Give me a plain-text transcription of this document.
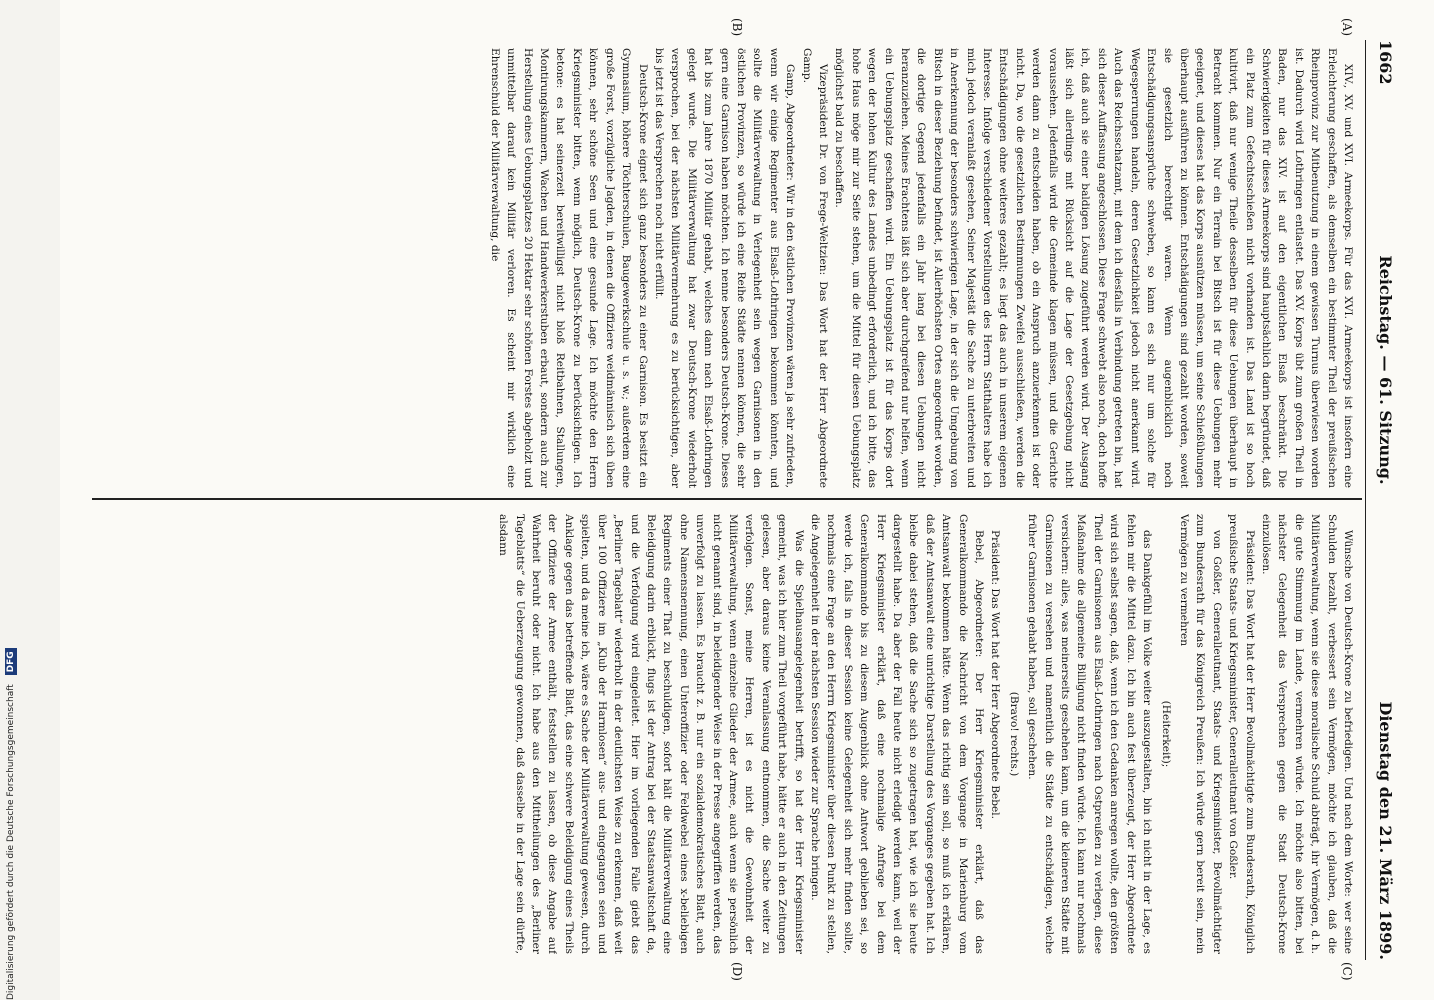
1662
Reichstag. — 61. Sitzung.
Dienstag den 21. März 1899.
(A)
(B)
(C)
(D)

XIV., XV. und XVI. Armeekorps. Für das XVI. Armeekorps ist insofern eine Erleichterung geschaffen, als demselben ein bestimmter Theil der preußischen Rheinprovinz zur Mitbenutzung in einem gewissen Turnus überwiesen worden ist. Dadurch wird Lothringen entlastet. Das XV. Korps übt zum großen Theil in Baden, nur das XIV. ist auf den eigentlichen Elsaß beschränkt. Die Schwierigkeiten für dieses Armeekorps sind hauptsächlich darin begründet, daß ein Platz zum Gefechtsschießen nicht vorhanden ist. Das Land ist so hoch kultivirt, daß nur wenige Theile desselben für diese Uebungen überhaupt in Betracht kommen. Nur ein Terrain bei Bitsch ist für diese Uebungen mehr geeignet, und dieses hat das Korps ausnützen müssen, um seine Schießübungen überhaupt ausführen zu können. Entschädigungen sind gezahlt worden, soweit sie gesetzlich berechtigt waren. Wenn augenblicklich noch Entschädigungsansprüche schweben, so kann es sich nur um solche für Wegesperrungen handeln, deren Gesetzlichkeit jedoch nicht anerkannt wird. Auch das Reichsschatzamt, mit dem ich diesfalls in Verbindung getreten bin, hat sich dieser Auffassung angeschlossen. Diese Frage schwebt also noch, doch hoffe ich, daß auch sie einer baldigen Lösung zugeführt werden wird. Der Ausgang läßt sich allerdings mit Rücksicht auf die Lage der Gesetzgebung nicht voraussehen. Jedenfalls wird die Gemeinde klagen müssen, und die Gerichte werden dann zu entscheiden haben, ob ein Anspruch anzuerkennen ist oder nicht. Da, wo die gesetzlichen Bestimmungen Zweifel ausschließen, werden die Entschädigungen ohne weiteres gezahlt; es liegt das auch in unserem eigenen Interesse. Infolge verschiedener Vorstellungen des Herrn Statthalters habe ich mich jedoch veranlaßt gesehen, Seiner Majestät die Sache zu unterbreiten und in Anerkennung der besonders schwierigen Lage, in der sich die Umgebung von Bitsch in dieser Beziehung befindet, ist Allerhöchsten Ortes angeordnet worden, die dortige Gegend jedenfalls ein Jahr lang bei diesen Uebungen nicht heranzuziehen. Meines Erachtens läßt sich aber durchgreifend nur helfen, wenn ein Uebungsplatz geschaffen wird. Ein Uebungsplatz ist für das Korps dort wegen der hohen Kultur des Landes unbedingt erforderlich, und ich bitte, das hohe Haus möge mir zur Seite stehen, um die Mittel für diesen Uebungsplatz möglichst bald zu beschaffen.

Vizepräsident Dr. von Frege-Weltzien: Das Wort hat der Herr Abgeordnete Gamp.

Gamp, Abgeordneter: Wir in den östlichen Provinzen wären ja sehr zufrieden, wenn wir einige Regimenter aus Elsaß-Lothringen bekommen könnten, und sollte die Militärverwaltung in Verlegenheit sein wegen Garnisonen in den östlichen Provinzen, so würde ich eine Reihe Städte nennen können, die sehr gern eine Garnison haben möchten. Ich nenne besonders Deutsch-Krone. Dieses hat bis zum Jahre 1870 Militär gehabt, welches dann nach Elsaß-Lothringen gelegt wurde. Die Militärverwaltung hat zwar Deutsch-Krone wiederholt versprochen, bei der nächsten Militärvermehrung es zu berücksichtigen, aber bis jetzt ist das Versprechen noch nicht erfüllt.

Deutsch-Krone eignet sich ganz besonders zu einer Garnison. Es besitzt ein Gymnasium, höhere Töchterschulen, Baugewerkschule u. s. w.; außerdem eine große Forst, vorzügliche Jagden, in denen die Offiziere weidmännisch sich üben können, sehr schöne Seen und eine gesunde Lage. Ich möchte den Herrn Kriegsminister bitten, wenn möglich, Deutsch-Krone zu berücksichtigen. Ich betone: es hat seinerzeit bereitwilligst nicht bloß Reitbahnen, Stallungen, Montirungskammern, Wachen und Handwerkerstuben erbaut, sondern auch zur Herstellung eines Uebungsplatzes 20 Hektar sehr schönen Forstes abgeholzt und unmittelbar darauf kein Militär verloren. Es scheint mir wirklich eine Ehrenschuld der Militärverwaltung, die

Wünsche von Deutsch-Krone zu befriedigen. Und nach dem Worte: wer seine Schulden bezahlt, verbessert sein Vermögen, möchte ich glauben, daß die Militärverwaltung, wenn sie diese moralische Schuld abträgt, ihr Vermögen, d. h. die gute Stimmung im Lande, vermehren würde. Ich möchte also bitten, bei nächster Gelegenheit das Versprechen gegen die Stadt Deutsch-Krone einzulösen.

Präsident: Das Wort hat der Herr Bevollmächtigte zum Bundesrath, Königlich preußische Staats- und Kriegsminister, Generalleutnant von Goßler.

von Goßler, Generalleutnant, Staats- und Kriegsminister, Bevollmächtigter zum Bundesrath für das Königreich Preußen: Ich würde gern bereit sein, mein Vermögen zu vermehren

(Heiterkeit);

das Dankgefühl im Volke weiter auszugestalten, bin ich nicht in der Lage, es fehlen mir die Mittel dazu. Ich bin auch fest überzeugt, der Herr Abgeordnete wird sich selbst sagen, daß, wenn ich den Gedanken anregen wollte, den größten Theil der Garnisonen aus Elsaß-Lothringen nach Ostpreußen zu verlegen, diese Maßnahme die allgemeine Billigung nicht finden würde. Ich kann nur nochmals versichern: alles, was meinerseits geschehen kann, um die kleineren Städte mit Garnisonen zu versehen und namentlich die Städte zu entschädigen, welche früher Garnisonen gehabt haben, soll geschehen.

(Bravo! rechts.)

Präsident: Das Wort hat der Herr Abgeordnete Bebel.

Bebel, Abgeordneter: Der Herr Kriegsminister erklärt, daß das Generalkommando die Nachricht von dem Vorgange in Marienburg vom Amtsanwalt bekommen hätte. Wenn das richtig sein soll, so muß ich erklären, daß der Amtsanwalt eine unrichtige Darstellung des Vorganges gegeben hat. Ich bleibe dabei stehen, daß die Sache sich so zugetragen hat, wie ich sie heute dargestellt habe. Da aber der Fall heute nicht erledigt werden kann, weil der Herr Kriegsminister erklärt, daß eine nochmalige Anfrage bei dem Generalkommando bis zu diesem Augenblick ohne Antwort geblieben sei, so werde ich, falls in dieser Session keine Gelegenheit sich mehr finden sollte, nochmals eine Frage an den Herrn Kriegsminister über diesen Punkt zu stellen, die Angelegenheit in der nächsten Session wieder zur Sprache bringen.

Was die Spielhausangelegenheit betrifft, so hat der Herr Kriegsminister gemeint, was ich hier zum Theil vorgeführt habe, hätte er auch in den Zeitungen gelesen, aber daraus keine Veranlassung entnommen, die Sache weiter zu verfolgen. Sonst, meine Herren, ist es nicht die Gewohnheit der Militärverwaltung, wenn einzelne Glieder der Armee, auch wenn sie persönlich nicht genannt sind, in beleidigender Weise in der Presse angegriffen werden, das unverfolgt zu lassen. Es braucht z. B. nur ein sozialdemokratisches Blatt, auch ohne Namensnennung, einen Unteroffizier oder Feldwebel eines x-beliebigen Regiments einer That zu beschuldigen, sofort hält die Militärverwaltung eine Beleidigung darin erblickt, flugs ist der Antrag bei der Staatsanwaltschaft da, und die Verfolgung wird eingeleitet. Hier im vorliegenden Falle giebt das „Berliner Tageblatt“ wiederholt in der deutlichsten Weise zu erkennen, daß weit über 100 Offiziere im „Klub der Harmlosen“ aus- und eingegangen seien und spielten, und da meine ich, wäre es Sache der Militärverwaltung gewesen, durch Anklage gegen das betreffende Blatt, das eine schwere Beleidigung eines Theils der Offiziere der Armee enthält, feststellen zu lassen, ob diese Angabe auf Wahrheit beruht oder nicht. Ich habe aus den Mittheilungen des „Berliner Tageblatts“ die Ueberzeugung gewonnen, daß dasselbe in der Lage sein dürfte, alsdann

Digitalisierung gefördert durch die Deutsche Forschungsgemeinschaft DFG
